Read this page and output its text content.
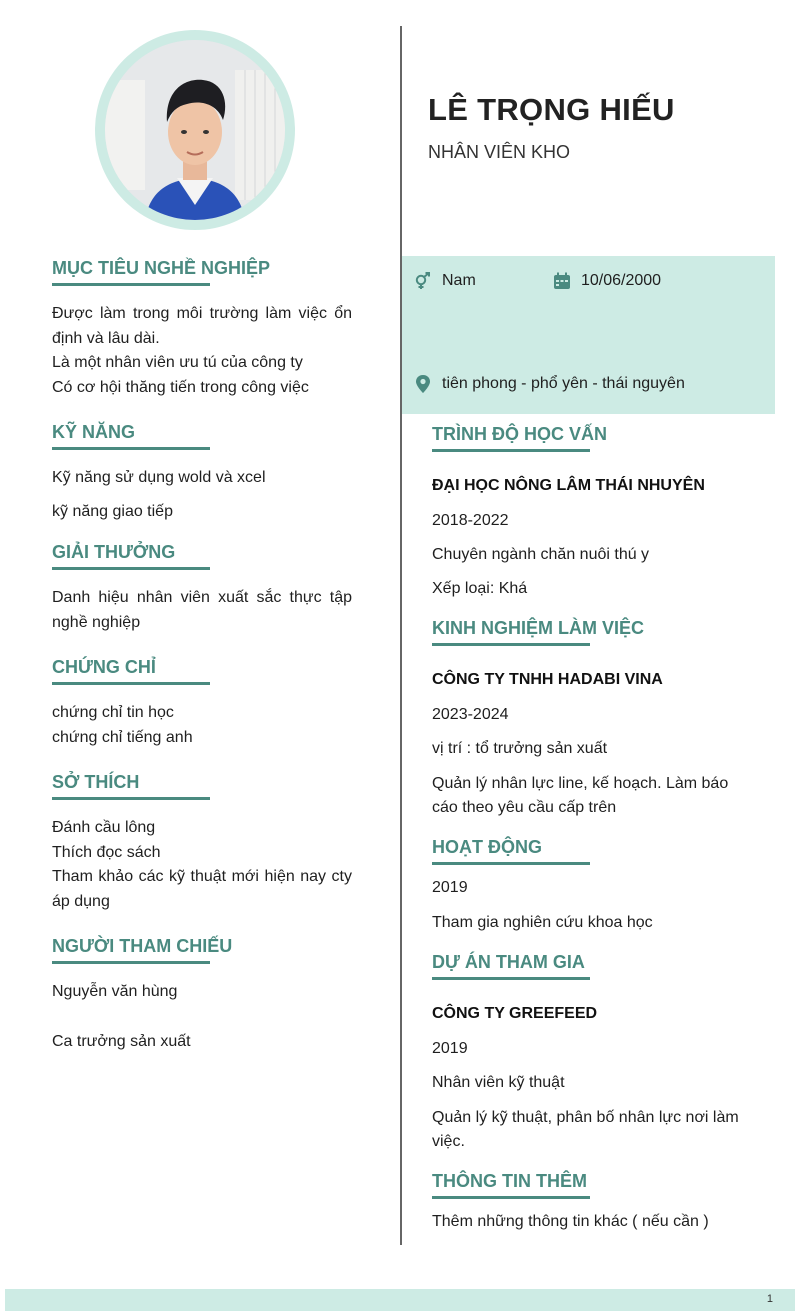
LÊ TRỌNG HIẾU
NHÂN VIÊN KHO
Nam	10/06/2000
tiên phong - phổ yên - thái nguyên
MỤC TIÊU NGHỀ NGHIỆP
Được làm trong môi trường làm việc ổn định và lâu dài.
Là một nhân viên ưu tú của công ty
Có cơ hội thăng tiến trong công việc
KỸ NĂNG
Kỹ năng sử dụng wold và xcel
kỹ năng giao tiếp
GIẢI THƯỞNG
Danh hiệu nhân viên xuất sắc thực tập nghề nghiệp
CHỨNG CHỈ
chứng chỉ tin học
chứng chỉ tiếng anh
SỞ THÍCH
Đánh cầu lông
Thích đọc sách
Tham khảo các kỹ thuật mới hiện nay cty áp dụng
NGƯỜI THAM CHIẾU
Nguyễn văn hùng
Ca trưởng sản xuất
TRÌNH ĐỘ HỌC VẤN
ĐẠI HỌC NÔNG LÂM THÁI NHUYÊN
2018-2022
Chuyên ngành chăn nuôi thú y
Xếp loại: Khá
KINH NGHIỆM LÀM VIỆC
CÔNG TY TNHH HADABI VINA
2023-2024
vị trí : tổ trưởng sản xuất
Quản lý nhân lực line, kế hoạch. Làm báo cáo theo yêu cầu cấp trên
HOẠT ĐỘNG
2019
Tham gia nghiên cứu khoa học
DỰ ÁN THAM GIA
CÔNG TY GREEFEED
2019
Nhân viên kỹ thuật
Quản lý kỹ thuật, phân bố nhân lực nơi làm việc.
THÔNG TIN THÊM
Thêm những thông tin khác ( nếu cần )
1
